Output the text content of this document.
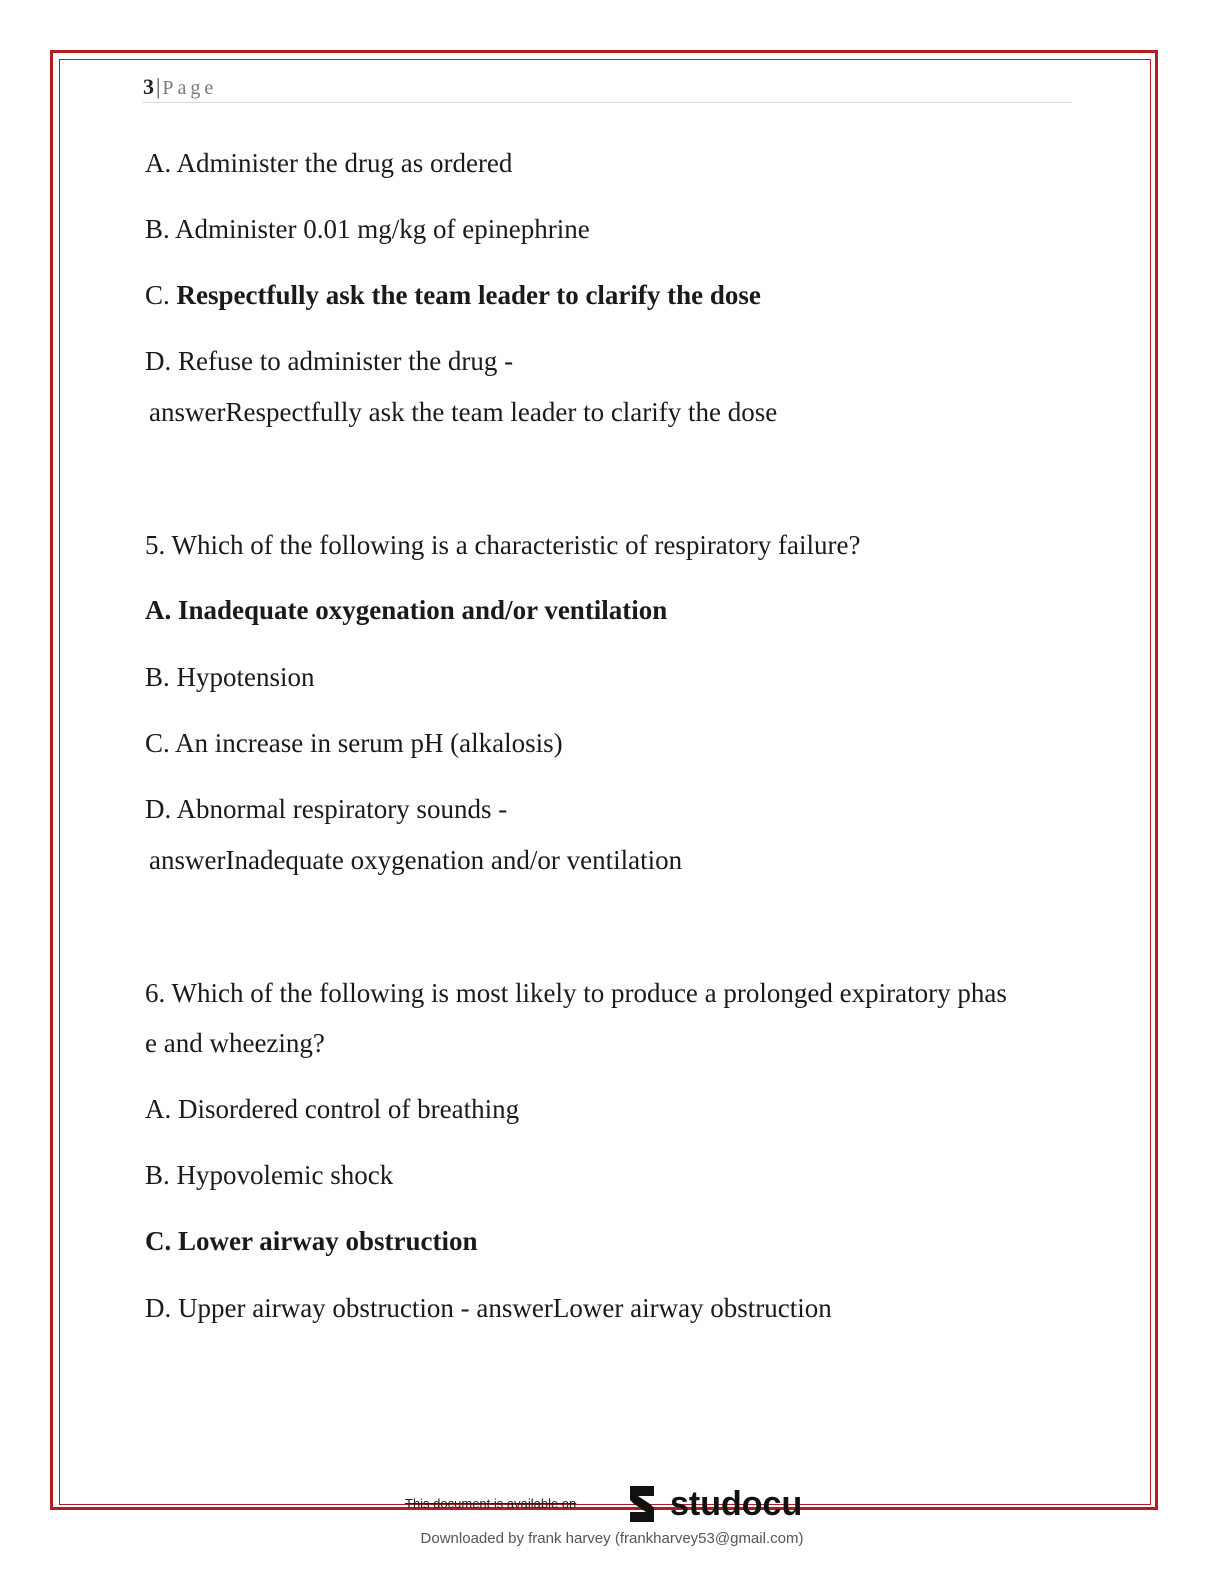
3| Page
A. Administer the drug as ordered
B. Administer 0.01 mg/kg of epinephrine
C. Respectfully ask the team leader to clarify the dose
D. Refuse to administer the drug -
answerRespectfully ask the team leader to clarify the dose
5. Which of the following is a characteristic of respiratory failure?
A. Inadequate oxygenation and/or ventilation
B. Hypotension
C. An increase in serum pH (alkalosis)
D. Abnormal respiratory sounds -
answerInadequate oxygenation and/or ventilation
6. Which of the following is most likely to produce a prolonged expiratory phas
e and wheezing?
A. Disordered control of breathing
B. Hypovolemic shock
C. Lower airway obstruction
D. Upper airway obstruction - answerLower airway obstruction
This document is available on	studocu
Downloaded by frank harvey (frankharvey53@gmail.com)
